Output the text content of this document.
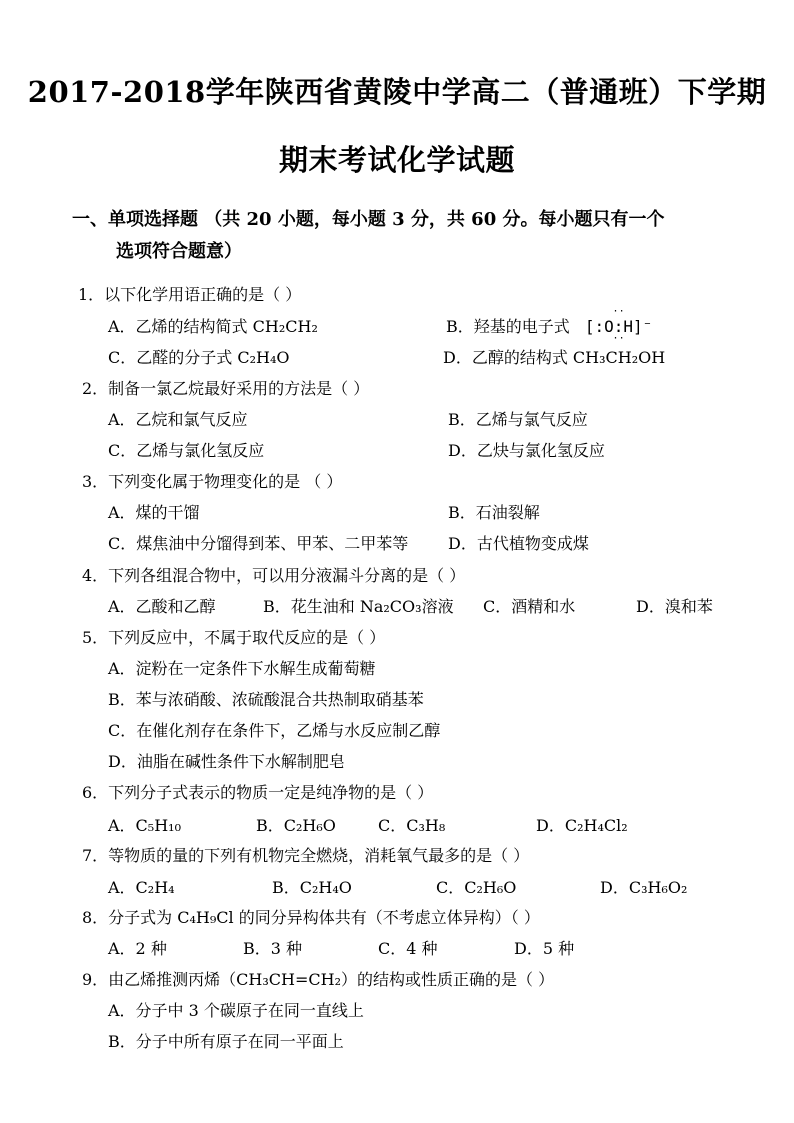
2017-2018学年陕西省黄陵中学高二（普通班）下学期
期末考试化学试题
一、单项选择题 （共 20 小题，每小题 3 分，共 60 分。每小题只有一个
选项符合题意）
1．以下化学用语正确的是（ ）
A．乙烯的结构简式 CH₂CH₂	B．羟基的电子式
··
[:O:H]⁻
··
C．乙醛的分子式 C₂H₄O	D．乙醇的结构式 CH₃CH₂OH
2．制备一氯乙烷最好采用的方法是（ ）
A．乙烷和氯气反应	B．乙烯与氯气反应
C．乙烯与氯化氢反应	D．乙炔与氯化氢反应
3．下列变化属于物理变化的是 （ ）
A．煤的干馏	B．石油裂解
C．煤焦油中分馏得到苯、甲苯、二甲苯等 D．古代植物变成煤
4．下列各组混合物中，可以用分液漏斗分离的是（ ）
A．乙酸和乙醇	B．花生油和 Na₂CO₃溶液 C．酒精和水	D．溴和苯
5．下列反应中，不属于取代反应的是（ ）
A．淀粉在一定条件下水解生成葡萄糖
B．苯与浓硝酸、浓硫酸混合共热制取硝基苯
C．在催化剂存在条件下，乙烯与水反应制乙醇
D．油脂在碱性条件下水解制肥皂
6．下列分子式表示的物质一定是纯净物的是（ ）
A．C₅H₁₀	B．C₂H₆O	C．C₃H₈	D．C₂H₄Cl₂
7．等物质的量的下列有机物完全燃烧，消耗氧气最多的是（ ）
A．C₂H₄	B．C₂H₄O	C．C₂H₆O	D．C₃H₆O₂
8．分子式为 C₄H₉Cl 的同分异构体共有（不考虑立体异构）（ ）
A．2 种	B．3 种	C．4 种	D．5 种
9．由乙烯推测丙烯（CH₃CH=CH₂）的结构或性质正确的是（ ）
A．分子中 3 个碳原子在同一直线上
B．分子中所有原子在同一平面上
